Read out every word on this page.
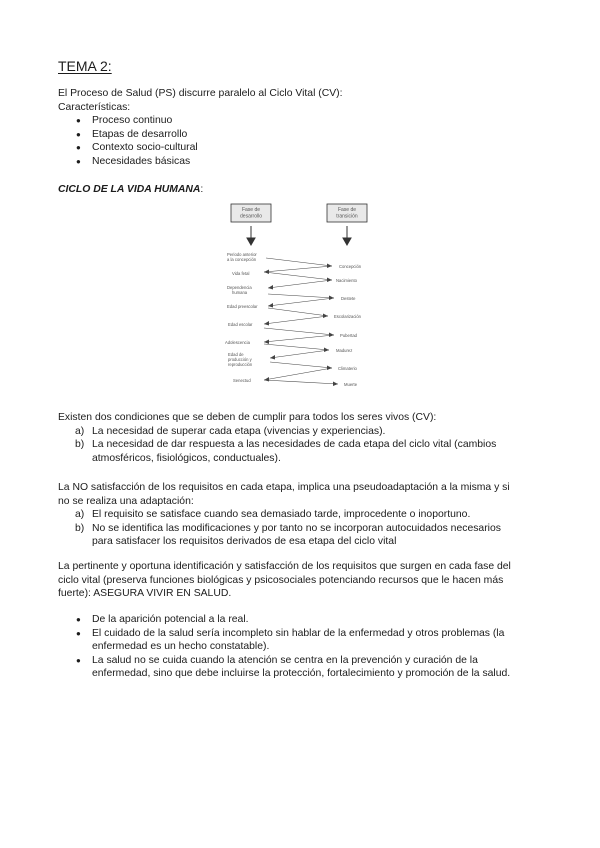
TEMA 2:
El Proceso de Salud (PS) discurre paralelo al Ciclo Vital (CV):
Características:
● Proceso continuo
● Etapas de desarrollo
● Contexto socio-cultural
● Necesidades básicas
CICLO DE LA VIDA HUMANA:
Fase de
desarrollo
Fase de
transición
Periodo anterior
a la concepción
Vida fetal
Dependencia
humana
Edad preescolar
Edad escolar
Adolescencia
Edad de
producción y
reproducción
Senectud
Concepción
Nacimiento
Destete
Escolarización
Pubertad
Madurez
Climaterio
Muerte
Existen dos condiciones que se deben de cumplir para todos los seres vivos (CV):
a) La necesidad de superar cada etapa (vivencias y experiencias).
b) La necesidad de dar respuesta a las necesidades de cada etapa del ciclo vital (cambios
atmosféricos, fisiológicos, conductuales).
La NO satisfacción de los requisitos en cada etapa, implica una pseudoadaptación a la misma y si
no se realiza una adaptación:
a) El requisito se satisface cuando sea demasiado tarde, improcedente o inoportuno.
b) No se identifica las modificaciones y por tanto no se incorporan autocuidados necesarios
para satisfacer los requisitos derivados de esa etapa del ciclo vital
La pertinente y oportuna identificación y satisfacción de los requisitos que surgen en cada fase del
ciclo vital (preserva funciones biológicas y psicosociales potenciando recursos que le hacen más
fuerte): ASEGURA VIVIR EN SALUD.
● De la aparición potencial a la real.
● El cuidado de la salud sería incompleto sin hablar de la enfermedad y otros problemas (la
enfermedad es un hecho constatable).
● La salud no se cuida cuando la atención se centra en la prevención y curación de la
enfermedad, sino que debe incluirse la protección, fortalecimiento y promoción de la salud.
